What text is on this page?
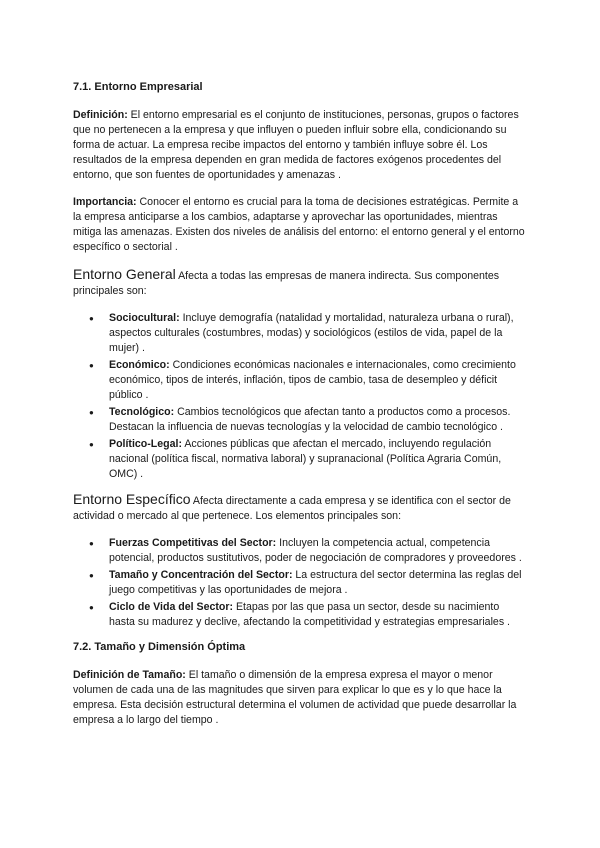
7.1. Entorno Empresarial

Definición: El entorno empresarial es el conjunto de instituciones, personas, grupos o factores que no pertenecen a la empresa y que influyen o pueden influir sobre ella, condicionando su forma de actuar. La empresa recibe impactos del entorno y también influye sobre él. Los resultados de la empresa dependen en gran medida de factores exógenos procedentes del entorno, que son fuentes de oportunidades y amenazas .

Importancia: Conocer el entorno es crucial para la toma de decisiones estratégicas. Permite a la empresa anticiparse a los cambios, adaptarse y aprovechar las oportunidades, mientras mitiga las amenazas. Existen dos niveles de análisis del entorno: el entorno general y el entorno específico o sectorial .

Entorno General Afecta a todas las empresas de manera indirecta. Sus componentes principales son:

● Sociocultural: Incluye demografía (natalidad y mortalidad, naturaleza urbana o rural), aspectos culturales (costumbres, modas) y sociológicos (estilos de vida, papel de la mujer) .
● Económico: Condiciones económicas nacionales e internacionales, como crecimiento económico, tipos de interés, inflación, tipos de cambio, tasa de desempleo y déficit público .
● Tecnológico: Cambios tecnológicos que afectan tanto a productos como a procesos. Destacan la influencia de nuevas tecnologías y la velocidad de cambio tecnológico .
● Político-Legal: Acciones públicas que afectan el mercado, incluyendo regulación nacional (política fiscal, normativa laboral) y supranacional (Política Agraria Común, OMC) .

Entorno Específico Afecta directamente a cada empresa y se identifica con el sector de actividad o mercado al que pertenece. Los elementos principales son:

● Fuerzas Competitivas del Sector: Incluyen la competencia actual, competencia potencial, productos sustitutivos, poder de negociación de compradores y proveedores .
● Tamaño y Concentración del Sector: La estructura del sector determina las reglas del juego competitivas y las oportunidades de mejora .
● Ciclo de Vida del Sector: Etapas por las que pasa un sector, desde su nacimiento hasta su madurez y declive, afectando la competitividad y estrategias empresariales .
7.2. Tamaño y Dimensión Óptima

Definición de Tamaño: El tamaño o dimensión de la empresa expresa el mayor o menor volumen de cada una de las magnitudes que sirven para explicar lo que es y lo que hace la empresa. Esta decisión estructural determina el volumen de actividad que puede desarrollar la empresa a lo largo del tiempo .
